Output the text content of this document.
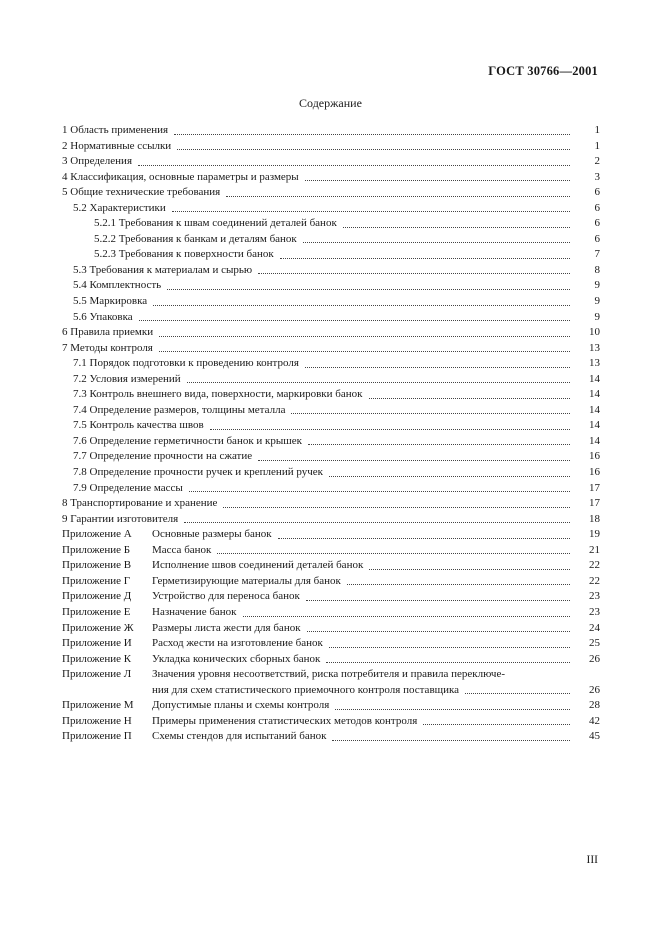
ГОСТ 30766—2001
Содержание
1 Область применения	1
2 Нормативные ссылки	1
3 Определения	2
4 Классификация, основные параметры и размеры	3
5 Общие технические требования	6
5.2 Характеристики	6
5.2.1 Требования к швам соединений деталей банок	6
5.2.2 Требования к банкам и деталям банок	6
5.2.3 Требования к поверхности банок	7
5.3 Требования к материалам и сырью	8
5.4 Комплектность	9
5.5 Маркировка	9
5.6 Упаковка	9
6 Правила приемки	10
7 Методы контроля	13
7.1 Порядок подготовки к проведению контроля	13
7.2 Условия измерений	14
7.3 Контроль внешнего вида, поверхности, маркировки банок	14
7.4 Определение размеров, толщины металла	14
7.5 Контроль качества швов	14
7.6 Определение герметичности банок и крышек	14
7.7 Определение прочности на сжатие	16
7.8 Определение прочности ручек и креплений ручек	16
7.9 Определение массы	17
8 Транспортирование и хранение	17
9 Гарантии изготовителя	18
Приложение А	Основные размеры банок	19
Приложение Б	Масса банок	21
Приложение В	Исполнение швов соединений деталей банок	22
Приложение Г	Герметизирующие материалы для банок	22
Приложение Д	Устройство для переноса банок	23
Приложение Е	Назначение банок	23
Приложение Ж	Размеры листа жести для банок	24
Приложение И	Расход жести на изготовление банок	25
Приложение К	Укладка конических сборных банок	26
Приложение Л	Значения уровня несоответствий, риска потребителя и правила переключе-
ния для схем статистического приемочного контроля поставщика	26
Приложение М	Допустимые планы и схемы контроля	28
Приложение Н	Примеры применения статистических методов контроля	42
Приложение П	Схемы стендов для испытаний банок	45
III
